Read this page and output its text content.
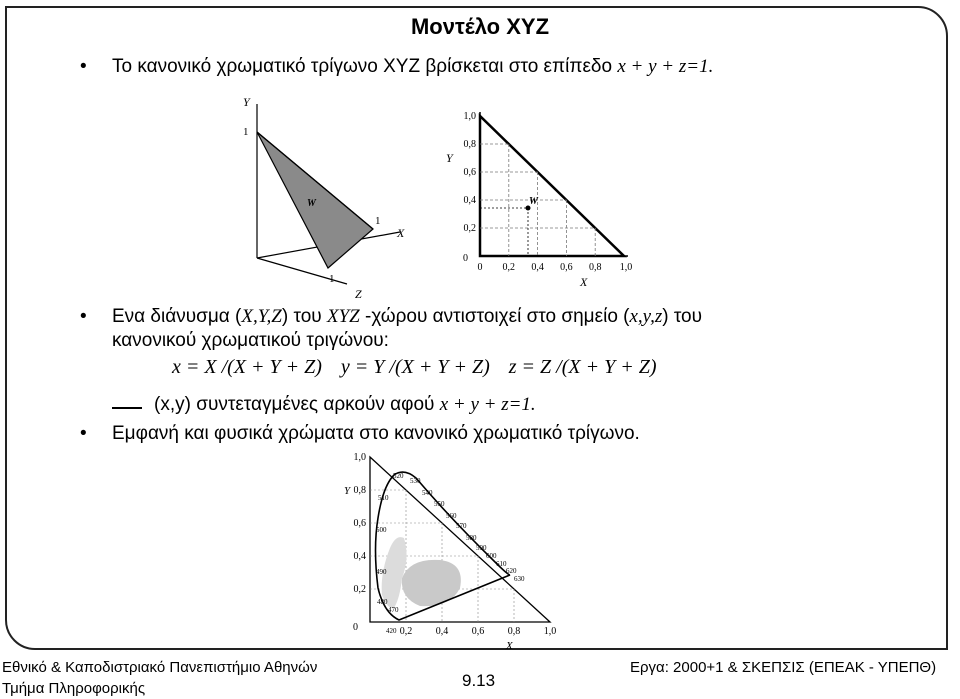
Μοντέλο XYZ
• Το κανονικό χρωματικό τρίγωνο XYZ βρίσκεται στο επίπεδο x + y + z=1.
Y
1
1
X
1
Z
W	W
1,0
0,8
0,6
0,4
0,2
0
0 0,2 0,4 0,6 0,8 1,0
Y
X
• Ενα διάνυσμα (X,Y,Z) του XYZ -χώρου αντιστοιχεί στο σημείο (x,y,z) του
κανονικού χρωματικού τριγώνου:
x = X /(X + Y + Z) y = Y /(X + Y + Z) z = Z /(X + Y + Z)
(x,y) συντεταγμένες αρκούν αφού x + y + z=1.
• Εμφανή και φυσικά χρώματα στο κανονικό χρωματικό τρίγωνο.
520
530
540
510
550
560
500	570
580
590
600
610
620
630
490
480
470
420
1,0
0,8
0,6
0,4
0,2
0	0,2 0,4 0,6 0,8 1,0
Y
X
Εθνικό & Καποδιστριακό Πανεπιστήμιο Αθηνών
Τμήμα Πληροφορικής	9.13
Εργα: 2000+1 & ΣΚΕΠΣΙΣ (ΕΠΕΑΚ - ΥΠΕΠΘ)
